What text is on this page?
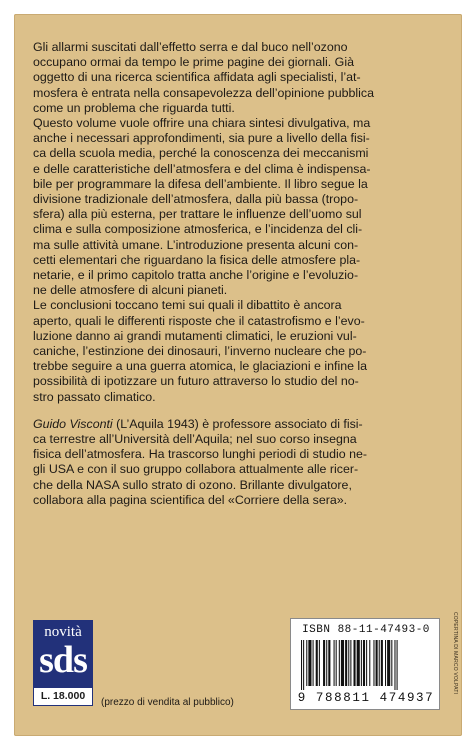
Gli allarmi suscitati dall’effetto serra e dal buco nell’ozono
occupano ormai da tempo le prime pagine dei giornali. Già
oggetto di una ricerca scientifica affidata agli specialisti, l’at-
mosfera è entrata nella consapevolezza dell’opinione pubblica
come un problema che riguarda tutti.
Questo volume vuole offrire una chiara sintesi divulgativa, ma
anche i necessari approfondimenti, sia pure a livello della fisi-
ca della scuola media, perché la conoscenza dei meccanismi
e delle caratteristiche dell’atmosfera e del clima è indispensa-
bile per programmare la difesa dell’ambiente. Il libro segue la
divisione tradizionale dell’atmosfera, dalla più bassa (tropo-
sfera) alla più esterna, per trattare le influenze dell’uomo sul
clima e sulla composizione atmosferica, e l’incidenza del cli-
ma sulle attività umane. L’introduzione presenta alcuni con-
cetti elementari che riguardano la fisica delle atmosfere pla-
netarie, e il primo capitolo tratta anche l’origine e l’evoluzio-
ne delle atmosfere di alcuni pianeti.
Le conclusioni toccano temi sui quali il dibattito è ancora
aperto, quali le differenti risposte che il catastrofismo e l’evo-
luzione danno ai grandi mutamenti climatici, le eruzioni vul-
caniche, l’estinzione dei dinosauri, l’inverno nucleare che po-
trebbe seguire a una guerra atomica, le glaciazioni e infine la
possibilità di ipotizzare un futuro attraverso lo studio del no-
stro passato climatico.
Guido Visconti (L’Aquila 1943) è professore associato di fisi-
ca terrestre all’Università dell’Aquila; nel suo corso insegna
fisica dell’atmosfera. Ha trascorso lunghi periodi di studio ne-
gli USA e con il suo gruppo collabora attualmente alle ricer-
che della NASA sullo strato di ozono. Brillante divulgatore,
collabora alla pagina scientifica del «Corriere della sera».
novità
sds
L. 18.000
(prezzo di vendita al pubblico)
ISBN 88-11-47493-0
9 788811 474937
COPERTINA DI MARCO VOLPATI
